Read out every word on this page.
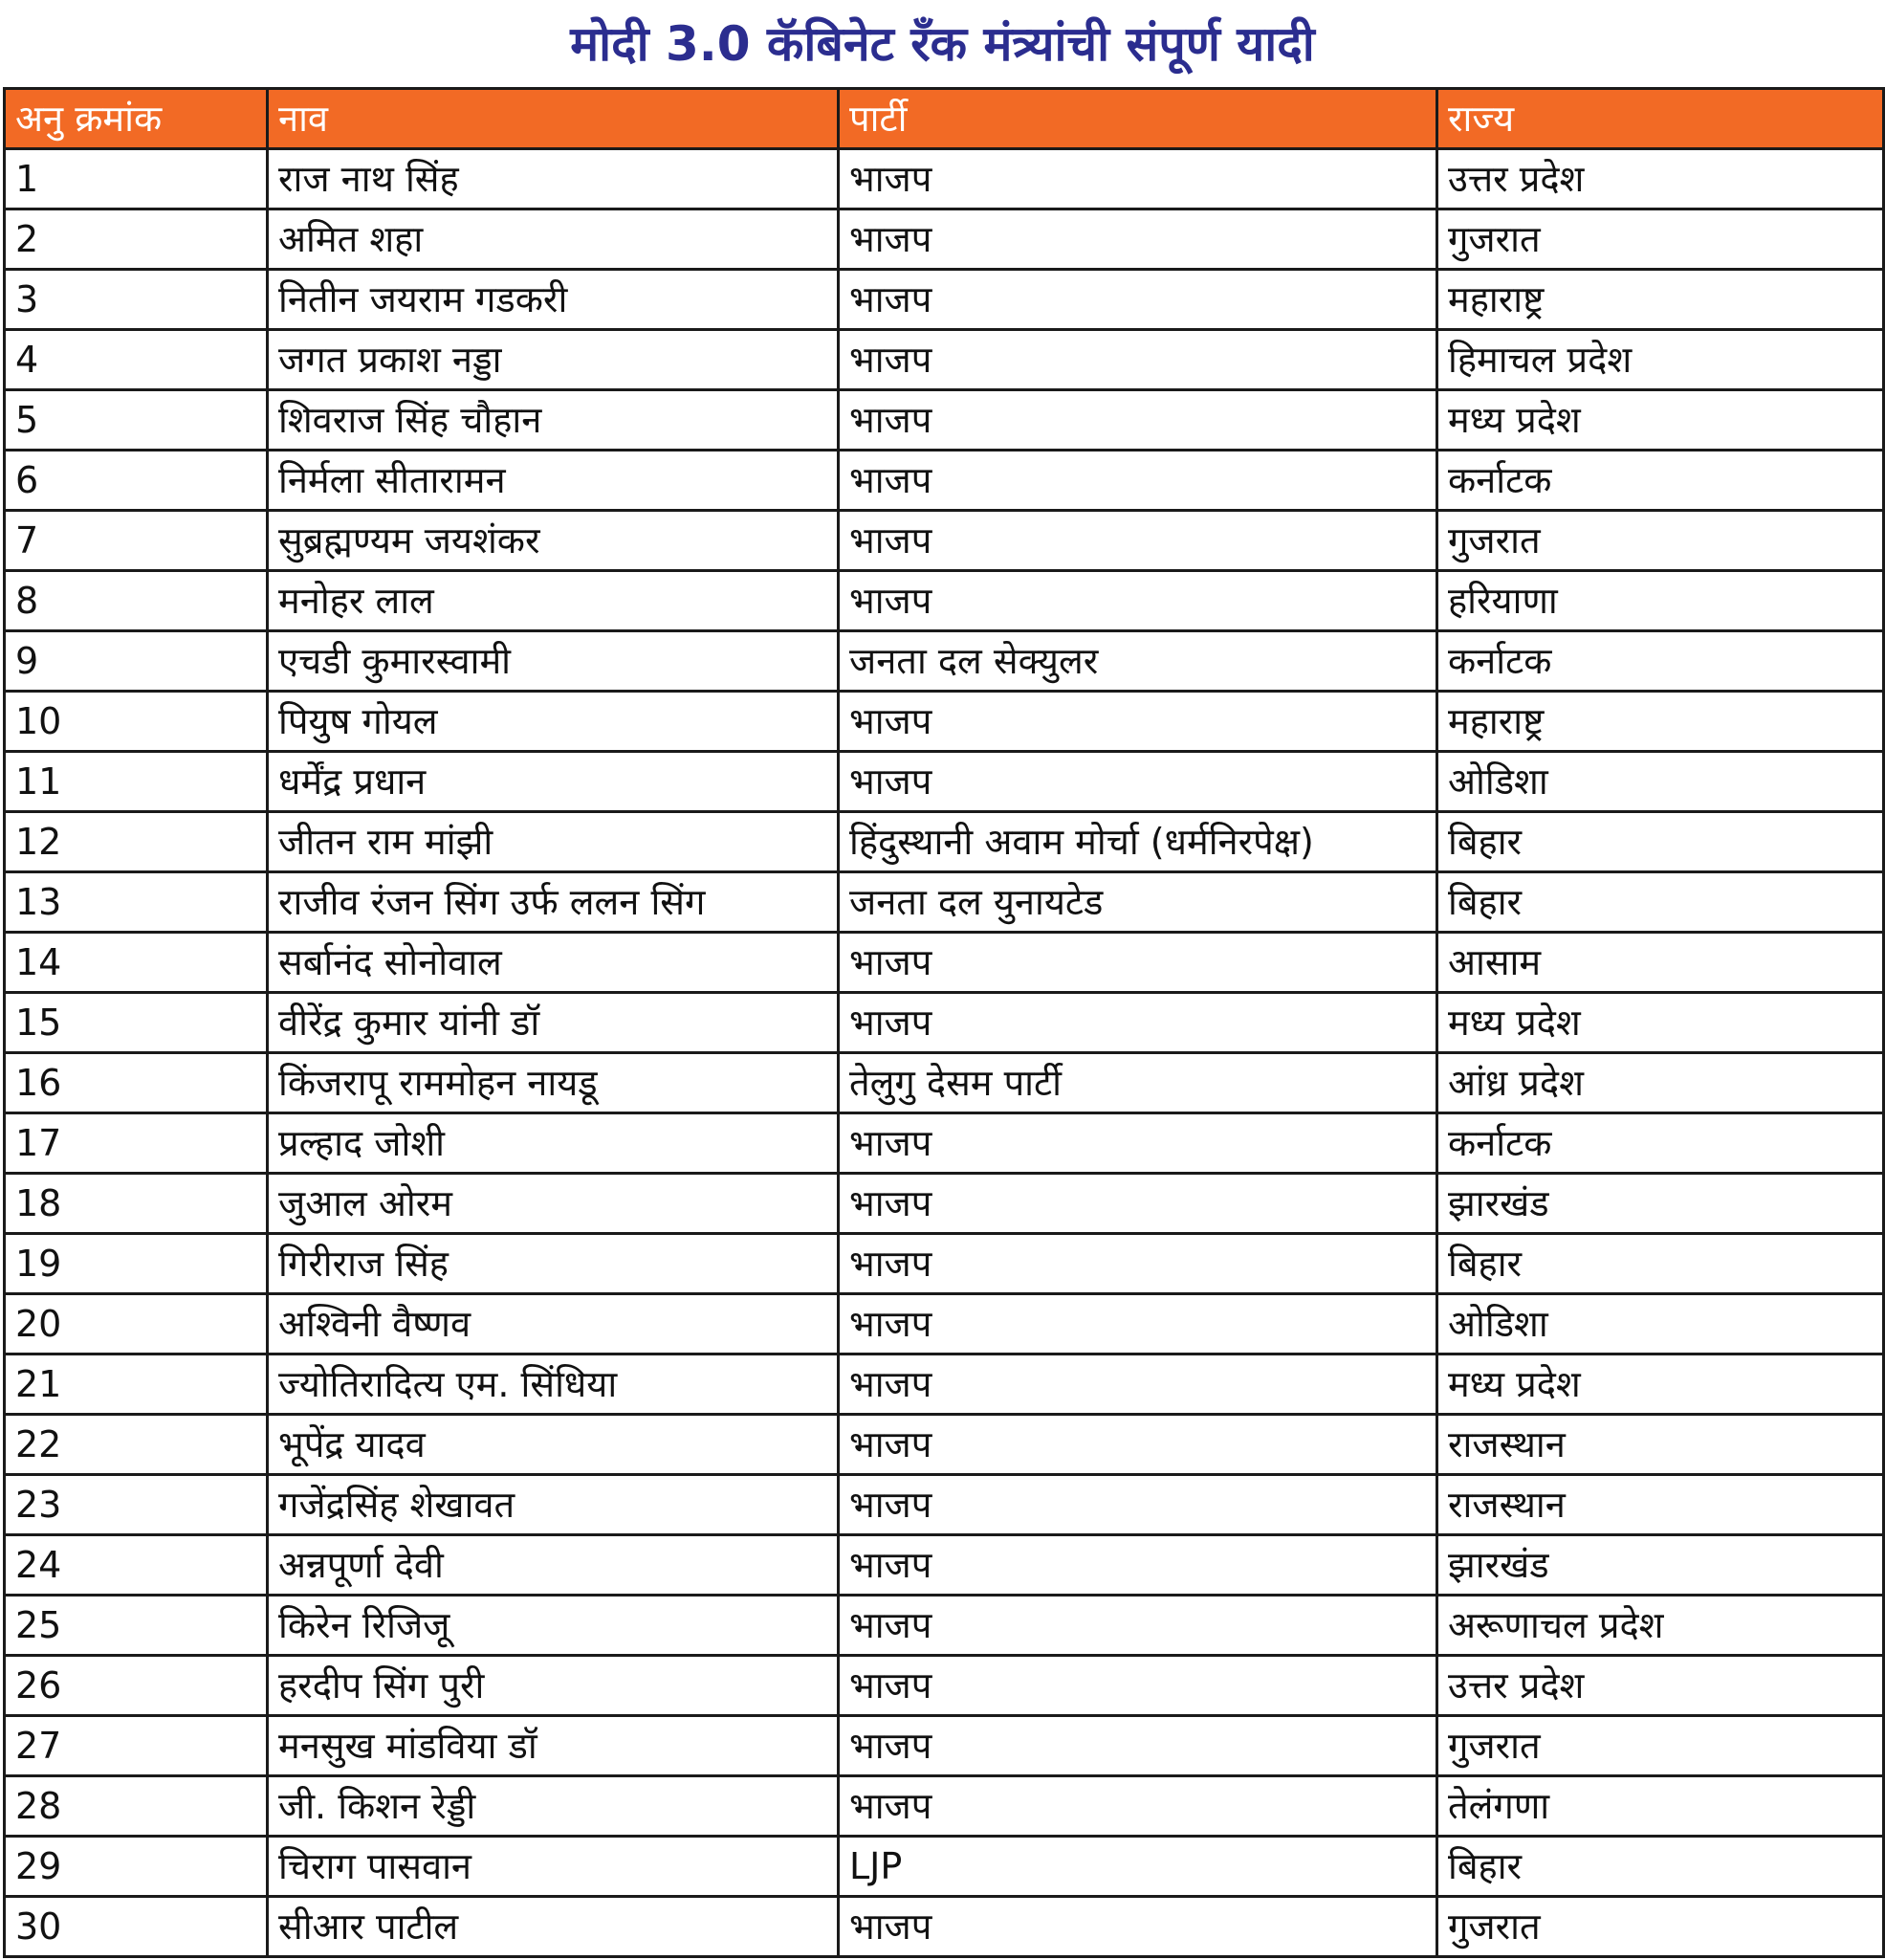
मोदी 3.0 कॅबिनेट रँक मंत्र्यांची संपूर्ण यादी
अनु क्रमांक	नाव	पार्टी	राज्य
1	राज नाथ सिंह	भाजप	उत्तर प्रदेश
2	अमित शहा	भाजप	गुजरात
3	नितीन जयराम गडकरी	भाजप	महाराष्ट्र
4	जगत प्रकाश नड्डा	भाजप	हिमाचल प्रदेश
5	शिवराज सिंह चौहान	भाजप	मध्य प्रदेश
6	निर्मला सीतारामन	भाजप	कर्नाटक
7	सुब्रह्मण्यम जयशंकर	भाजप	गुजरात
8	मनोहर लाल	भाजप	हरियाणा
9	एचडी कुमारस्वामी	जनता दल सेक्युलर	कर्नाटक
10	पियुष गोयल	भाजप	महाराष्ट्र
11	धर्मेंद्र प्रधान	भाजप	ओडिशा
12	जीतन राम मांझी	हिंदुस्थानी अवाम मोर्चा (धर्मनिरपेक्ष)	बिहार
13	राजीव रंजन सिंग उर्फ ललन सिंग	जनता दल युनायटेड	बिहार
14	सर्बानंद सोनोवाल	भाजप	आसाम
15	वीरेंद्र कुमार यांनी डॉ	भाजप	मध्य प्रदेश
16	किंजरापू राममोहन नायडू	तेलुगु देसम पार्टी	आंध्र प्रदेश
17	प्रल्हाद जोशी	भाजप	कर्नाटक
18	जुआल ओरम	भाजप	झारखंड
19	गिरीराज सिंह	भाजप	बिहार
20	अश्विनी वैष्णव	भाजप	ओडिशा
21	ज्योतिरादित्य एम. सिंधिया	भाजप	मध्य प्रदेश
22	भूपेंद्र यादव	भाजप	राजस्थान
23	गजेंद्रसिंह शेखावत	भाजप	राजस्थान
24	अन्नपूर्णा देवी	भाजप	झारखंड
25	किरेन रिजिजू	भाजप	अरूणाचल प्रदेश
26	हरदीप सिंग पुरी	भाजप	उत्तर प्रदेश
27	मनसुख मांडविया डॉ	भाजप	गुजरात
28	जी. किशन रेड्डी	भाजप	तेलंगणा
29	चिराग पासवान	LJP	बिहार
30	सीआर पाटील	भाजप	गुजरात
